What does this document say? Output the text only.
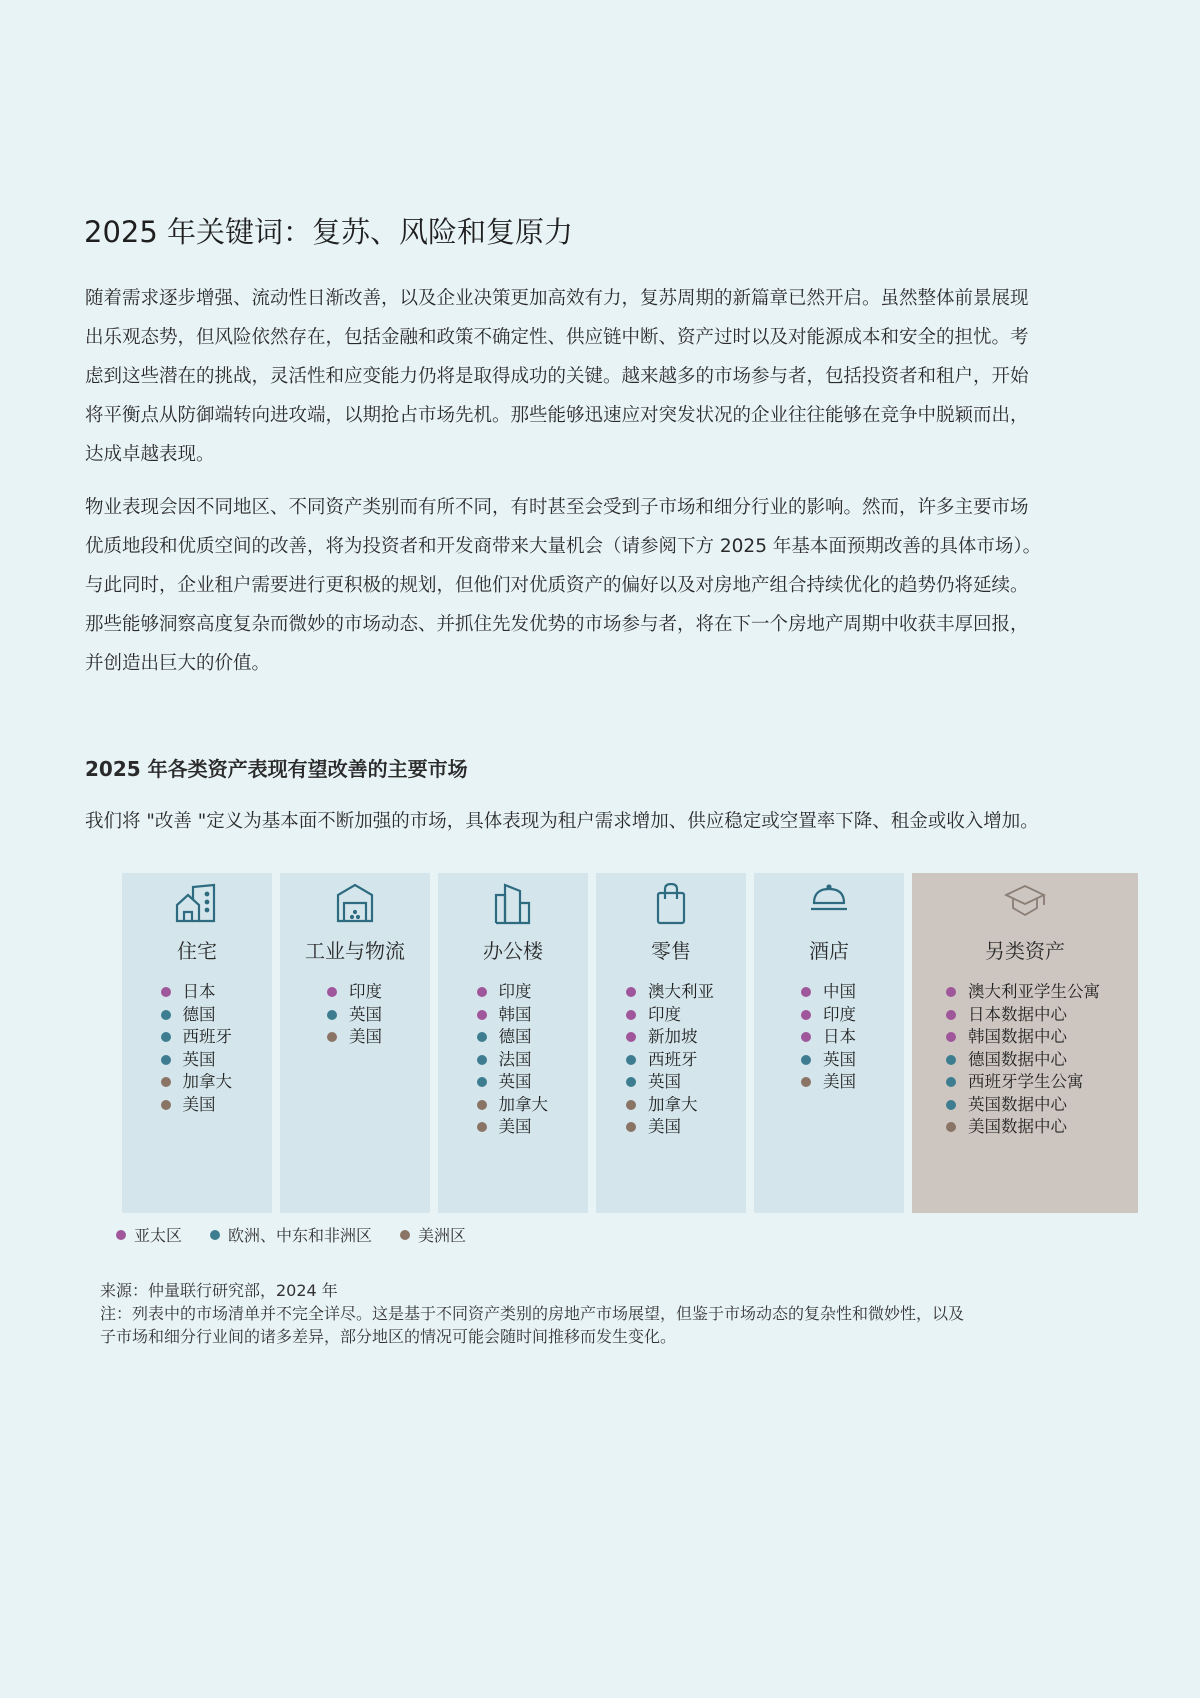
2025 年关键词：复苏、风险和复原力
随着需求逐步增强、流动性日渐改善，以及企业决策更加高效有力，复苏周期的新篇章已然开启。虽然整体前景展现
出乐观态势，但风险依然存在，包括金融和政策不确定性、供应链中断、资产过时以及对能源成本和安全的担忧。考
虑到这些潜在的挑战，灵活性和应变能力仍将是取得成功的关键。越来越多的市场参与者，包括投资者和租户，开始
将平衡点从防御端转向进攻端，以期抢占市场先机。那些能够迅速应对突发状况的企业往往能够在竞争中脱颖而出，
达成卓越表现。
物业表现会因不同地区、不同资产类别而有所不同，有时甚至会受到子市场和细分行业的影响。然而，许多主要市场
优质地段和优质空间的改善，将为投资者和开发商带来大量机会（请参阅下方 2025 年基本面预期改善的具体市场）。
与此同时，企业租户需要进行更积极的规划，但他们对优质资产的偏好以及对房地产组合持续优化的趋势仍将延续。
那些能够洞察高度复杂而微妙的市场动态、并抓住先发优势的市场参与者，将在下一个房地产周期中收获丰厚回报，
并创造出巨大的价值。
2025 年各类资产表现有望改善的主要市场
我们将 "改善 "定义为基本面不断加强的市场，具体表现为租户需求增加、供应稳定或空置率下降、租金或收入增加。
住宅
日本
德国
西班牙
英国
加拿大
美国
工业与物流
印度
英国
美国
办公楼
印度
韩国
德国
法国
英国
加拿大
美国
零售
澳大利亚
印度
新加坡
西班牙
英国
加拿大
美国
酒店
中国
印度
日本
英国
美国
另类资产
澳大利亚学生公寓
日本数据中心
韩国数据中心
德国数据中心
西班牙学生公寓
英国数据中心
美国数据中心
亚太区	欧洲、中东和非洲区	美洲区
来源：仲量联行研究部，2024 年
注：列表中的市场清单并不完全详尽。这是基于不同资产类别的房地产市场展望，但鉴于市场动态的复杂性和微妙性，以及
子市场和细分行业间的诸多差异，部分地区的情况可能会随时间推移而发生变化。
